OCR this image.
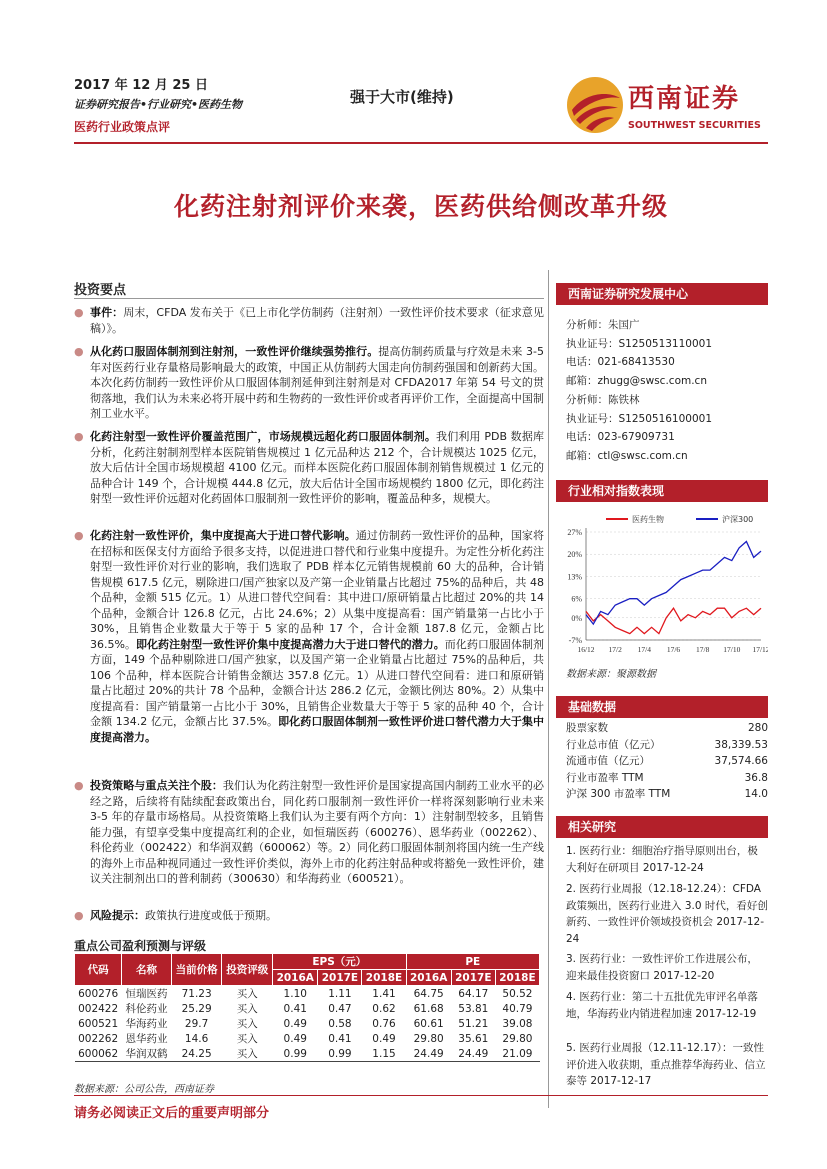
2017 年 12 月 25 日
证券研究报告•行业研究•医药生物
医药行业政策点评
强于大市(维持)	西南证券
SOUTHWEST SECURITIES
化药注射剂评价来袭，医药供给侧改革升级
投资要点
● 事件：周末，CFDA 发布关于《已上市化学仿制药（注射剂）一致性评价技术要求（征求意见稿）》。
● 从化药口服固体制剂到注射剂，一致性评价继续强势推行。提高仿制药质量与疗效是未来 3-5 年对医药行业存量格局影响最大的政策，中国正从仿制药大国走向仿制药强国和创新药大国。本次化药仿制药一致性评价从口服固体制剂延伸到注射剂是对 CFDA2017 年第 54 号文的贯彻落地，我们认为未来必将开展中药和生物药的一致性评价或者再评价工作，全面提高中国制剂工业水平。
● 化药注射型一致性评价覆盖范围广，市场规模远超化药口服固体制剂。我们利用 PDB 数据库分析，化药注射制剂型样本医院销售规模过 1 亿元品种达 212 个，合计规模达 1025 亿元，放大后估计全国市场规模超 4100 亿元。而样本医院化药口服固体制剂销售规模过 1 亿元的品种合计 149 个，合计规模 444.8 亿元，放大后估计全国市场规模约 1800 亿元，即化药注射型一致性评价远超对化药固体口服制剂一致性评价的影响，覆盖品种多，规模大。
● 化药注射一致性评价，集中度提高大于进口替代影响。通过仿制药一致性评价的品种，国家将在招标和医保支付方面给予很多支持，以促进进口替代和行业集中度提升。为定性分析化药注射型一致性评价对行业的影响，我们选取了 PDB 样本亿元销售规模前 60 大的品种，合计销售规模 617.5 亿元，剔除进口/国产独家以及产第一企业销量占比超过 75%的品种后，共 48 个品种，金额 515 亿元。1）从进口替代空间看：其中进口/原研销量占比超过 20%的共 14 个品种，金额合计 126.8 亿元，占比 24.6%；2）从集中度提高看：国产销量第一占比小于 30%，且销售企业数量大于等于 5 家的品种 17 个，合计金额 187.8 亿元，金额占比 36.5%。即化药注射型一致性评价集中度提高潜力大于进口替代的潜力。而化药口服固体制剂方面，149 个品种剔除进口/国产独家，以及国产第一企业销量占比超过 75%的品种后，共 106 个品种，样本医院合计销售金额达 357.8 亿元。1）从进口替代空间看：进口和原研销量占比超过 20%的共计 78 个品种，金额合计达 286.2 亿元，金额比例达 80%。2）从集中度提高看：国产销量第一占比小于 30%，且销售企业数量大于等于 5 家的品种 40 个，合计金额 134.2 亿元，金额占比 37.5%。即化药口服固体制剂一致性评价进口替代潜力大于集中度提高潜力。
● 投资策略与重点关注个股：我们认为化药注射型一致性评价是国家提高国内制药工业水平的必经之路，后续将有陆续配套政策出台，同化药口服制剂一致性评价一样将深刻影响行业未来 3-5 年的存量市场格局。从投资策略上我们认为主要有两个方向：1）注射制型较多，且销售能力强，有望享受集中度提高红利的企业，如恒瑞医药（600276）、恩华药业（002262）、科伦药业（002422）和华润双鹤（600062）等。2）同化药口服固体制剂将国内统一生产线的海外上市品种视同通过一致性评价类似，海外上市的化药注射品种或将豁免一致性评价，建议关注制剂出口的普利制药（300630）和华海药业（600521）。
● 风险提示：政策执行进度或低于预期。
重点公司盈利预测与评级
代码	名称	当前价格	投资评级	EPS（元）			PE		
				2016A	2017E	2018E	2016A	2017E	2018E
600276	恒瑞医药	71.23	买入	1.10	1.11	1.41	64.75	64.17	50.52
002422	科伦药业	25.29	买入	0.41	0.47	0.62	61.68	53.81	40.79
600521	华海药业	29.7	买入	0.49	0.58	0.76	60.61	51.21	39.08
002262	恩华药业	14.6	买入	0.49	0.41	0.49	29.80	35.61	29.80
600062	华润双鹤	24.25	买入	0.99	0.99	1.15	24.49	24.49	21.09
数据来源：公司公告，西南证券
西南证券研究发展中心
分析师：朱国广
执业证号：S1250513110001
电话：021-68413530
邮箱：zhugg@swsc.com.cn
分析师：陈铁林
执业证号：S1250516100001
电话：023-67909731
邮箱：ctl@swsc.com.cn
行业相对指数表现
-7%
0%
6%
13%
20%
27%
16/12 17/2 17/4 17/6 17/8 17/10 17/12
医药生物	沪深300
数据来源：聚源数据
基础数据
股票家数	280
行业总市值（亿元）	38,339.53
流通市值（亿元）	37,574.66
行业市盈率 TTM	36.8
沪深 300 市盈率 TTM	14.0
相关研究
1. 医药行业：细胞治疗指导原则出台，极大利好在研项目 2017-12-24
2. 医药行业周报（12.18-12.24）：CFDA 政策频出，医药行业进入 3.0 时代，看好创新药、一致性评价领域投资机会 2017-12-24
3. 医药行业：一致性评价工作进展公布，迎来最佳投资窗口 2017-12-20
4. 医药行业：第二十五批优先审评名单落地，华海药业内销进程加速 2017-12-19
5. 医药行业周报（12.11-12.17）：一致性评价进入收获期，重点推荐华海药业、信立泰等 2017-12-17
请务必阅读正文后的重要声明部分
